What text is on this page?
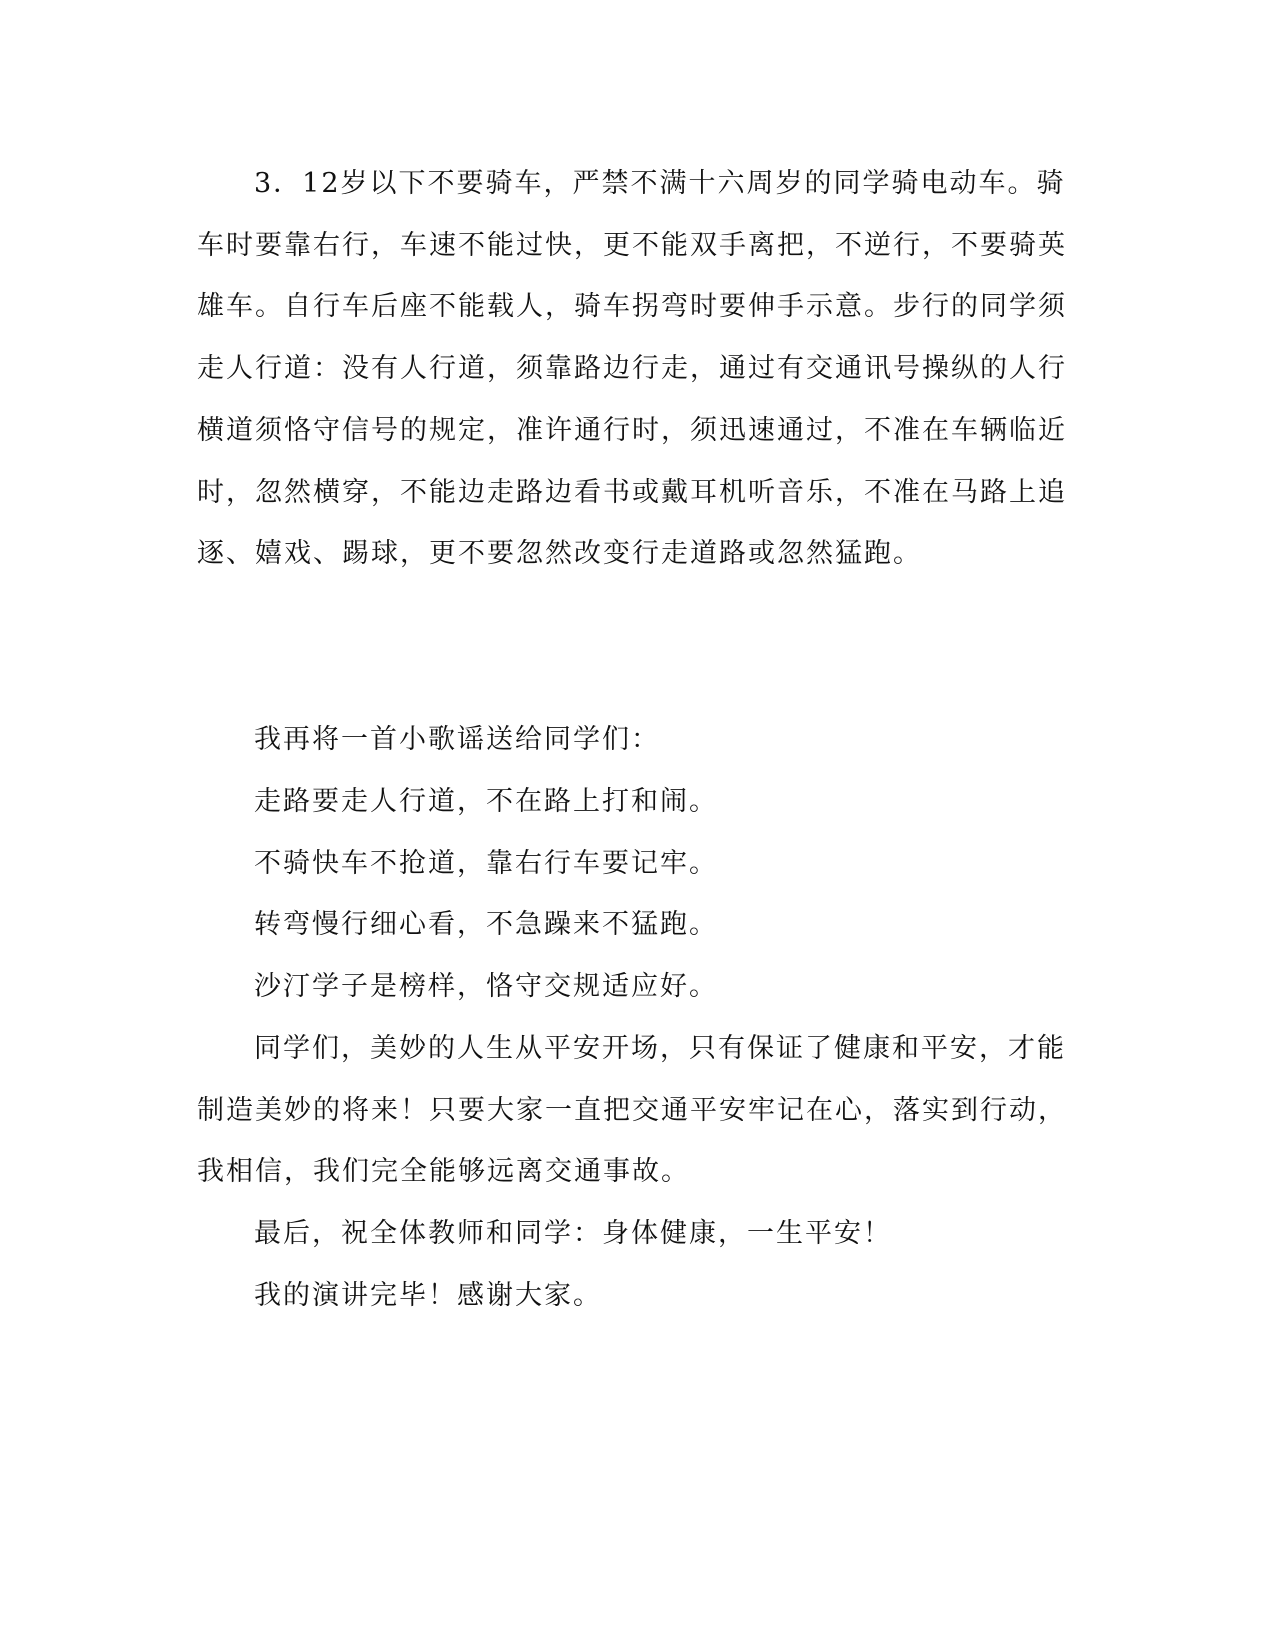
3．12岁以下不要骑车，严禁不满十六周岁的同学骑电动车。骑
车时要靠右行，车速不能过快，更不能双手离把，不逆行，不要骑英
雄车。自行车后座不能载人，骑车拐弯时要伸手示意。步行的同学须
走人行道：没有人行道，须靠路边行走，通过有交通讯号操纵的人行
横道须恪守信号的规定，准许通行时，须迅速通过，不准在车辆临近
时，忽然横穿，不能边走路边看书或戴耳机听音乐，不准在马路上追
逐、嬉戏、踢球，更不要忽然改变行走道路或忽然猛跑。
我再将一首小歌谣送给同学们：
走路要走人行道，不在路上打和闹。
不骑快车不抢道，靠右行车要记牢。
转弯慢行细心看，不急躁来不猛跑。
沙汀学子是榜样，恪守交规适应好。
同学们，美妙的人生从平安开场，只有保证了健康和平安，才能
制造美妙的将来！只要大家一直把交通平安牢记在心，落实到行动，
我相信，我们完全能够远离交通事故。
最后，祝全体教师和同学：身体健康，一生平安！
我的演讲完毕！感谢大家。
